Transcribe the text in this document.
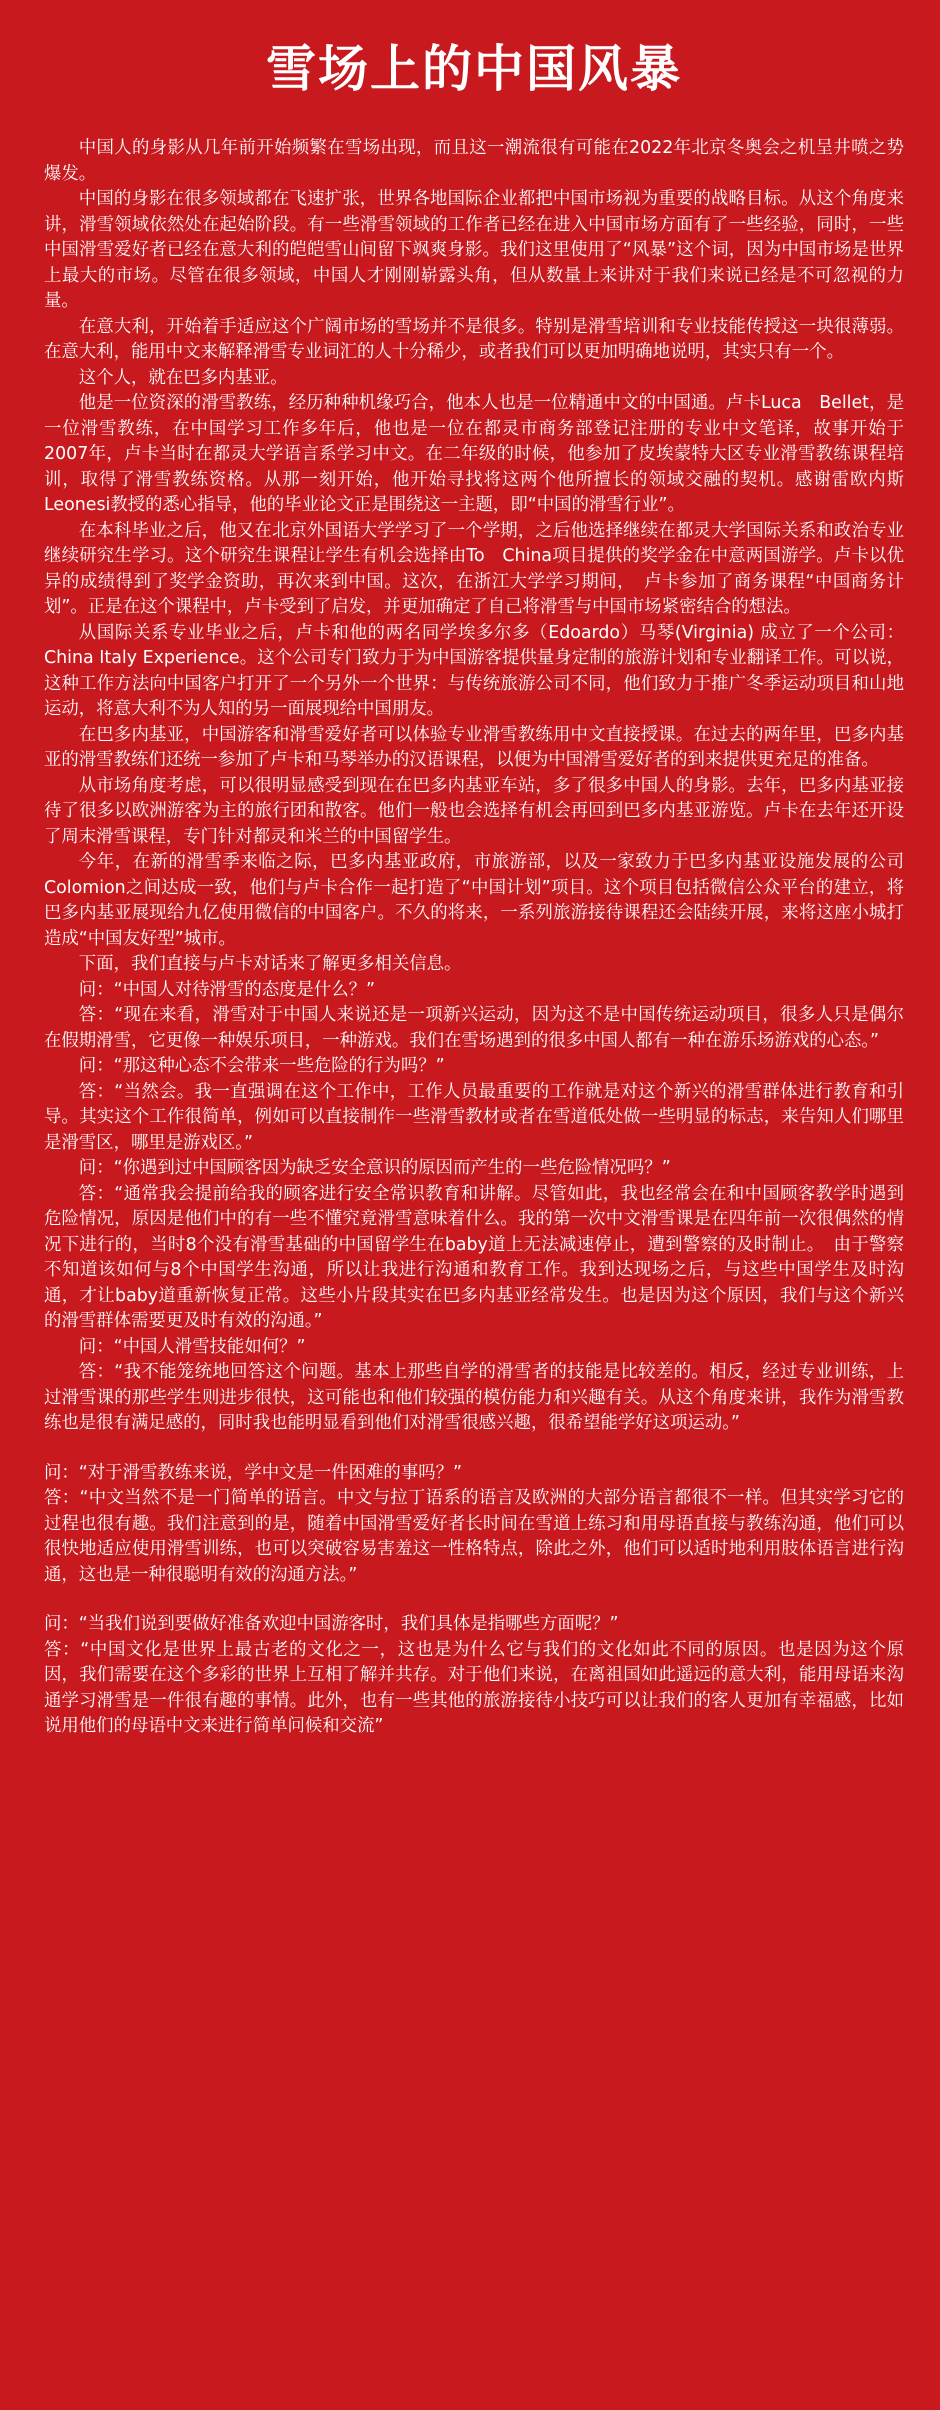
雪场上的中国风暴

中国人的身影从几年前开始频繁在雪场出现，而且这一潮流很有可能在2022年北京冬奥会之机呈井喷之势爆发。

中国的身影在很多领域都在飞速扩张，世界各地国际企业都把中国市场视为重要的战略目标。从这个角度来讲，滑雪领域依然处在起始阶段。有一些滑雪领域的工作者已经在进入中国市场方面有了一些经验，同时，一些中国滑雪爱好者已经在意大利的皑皑雪山间留下飒爽身影。我们这里使用了“风暴”这个词，因为中国市场是世界上最大的市场。尽管在很多领域，中国人才刚刚崭露头角，但从数量上来讲对于我们来说已经是不可忽视的力量。

在意大利，开始着手适应这个广阔市场的雪场并不是很多。特别是滑雪培训和专业技能传授这一块很薄弱。在意大利，能用中文来解释滑雪专业词汇的人十分稀少，或者我们可以更加明确地说明，其实只有一个。

这个人，就在巴多内基亚。

他是一位资深的滑雪教练，经历种种机缘巧合，他本人也是一位精通中文的中国通。卢卡Luca　Bellet，是一位滑雪教练，在中国学习工作多年后，他也是一位在都灵市商务部登记注册的专业中文笔译，故事开始于2007年，卢卡当时在都灵大学语言系学习中文。在二年级的时候，他参加了皮埃蒙特大区专业滑雪教练课程培训，取得了滑雪教练资格。从那一刻开始，他开始寻找将这两个他所擅长的领域交融的契机。感谢雷欧内斯Leonesi教授的悉心指导，他的毕业论文正是围绕这一主题，即“中国的滑雪行业”。

在本科毕业之后，他又在北京外国语大学学习了一个学期，之后他选择继续在都灵大学国际关系和政治专业继续研究生学习。这个研究生课程让学生有机会选择由To　China项目提供的奖学金在中意两国游学。卢卡以优异的成绩得到了奖学金资助，再次来到中国。这次，在浙江大学学习期间，　卢卡参加了商务课程“中国商务计划”。正是在这个课程中，卢卡受到了启发，并更加确定了自己将滑雪与中国市场紧密结合的想法。

从国际关系专业毕业之后，卢卡和他的两名同学埃多尔多（Edoardo）马琴(Virginia) 成立了一个公司：China Italy Experience。这个公司专门致力于为中国游客提供量身定制的旅游计划和专业翻译工作。可以说，这种工作方法向中国客户打开了一个另外一个世界：与传统旅游公司不同，他们致力于推广冬季运动项目和山地运动，将意大利不为人知的另一面展现给中国朋友。

在巴多内基亚，中国游客和滑雪爱好者可以体验专业滑雪教练用中文直接授课。在过去的两年里，巴多内基亚的滑雪教练们还统一参加了卢卡和马琴举办的汉语课程，以便为中国滑雪爱好者的到来提供更充足的准备。

从市场角度考虑，可以很明显感受到现在在巴多内基亚车站，多了很多中国人的身影。去年，巴多内基亚接待了很多以欧洲游客为主的旅行团和散客。他们一般也会选择有机会再回到巴多内基亚游览。卢卡在去年还开设了周末滑雪课程，专门针对都灵和米兰的中国留学生。

今年，在新的滑雪季来临之际，巴多内基亚政府，市旅游部，以及一家致力于巴多内基亚设施发展的公司Colomion之间达成一致，他们与卢卡合作一起打造了“中国计划”项目。这个项目包括微信公众平台的建立，将巴多内基亚展现给九亿使用微信的中国客户。不久的将来，一系列旅游接待课程还会陆续开展，来将这座小城打造成“中国友好型”城市。

下面，我们直接与卢卡对话来了解更多相关信息。

问：“中国人对待滑雪的态度是什么？”

答：“现在来看，滑雪对于中国人来说还是一项新兴运动，因为这不是中国传统运动项目，很多人只是偶尔在假期滑雪，它更像一种娱乐项目，一种游戏。我们在雪场遇到的很多中国人都有一种在游乐场游戏的心态。”

问：“那这种心态不会带来一些危险的行为吗？”

答：“当然会。我一直强调在这个工作中，工作人员最重要的工作就是对这个新兴的滑雪群体进行教育和引导。其实这个工作很简单，例如可以直接制作一些滑雪教材或者在雪道低处做一些明显的标志，来告知人们哪里是滑雪区，哪里是游戏区。”

问：“你遇到过中国顾客因为缺乏安全意识的原因而产生的一些危险情况吗？”

答：“通常我会提前给我的顾客进行安全常识教育和讲解。尽管如此，我也经常会在和中国顾客教学时遇到危险情况，原因是他们中的有一些不懂究竟滑雪意味着什么。我的第一次中文滑雪课是在四年前一次很偶然的情况下进行的，当时8个没有滑雪基础的中国留学生在baby道上无法减速停止，遭到警察的及时制止。　由于警察不知道该如何与8个中国学生沟通，所以让我进行沟通和教育工作。我到达现场之后，与这些中国学生及时沟通，才让baby道重新恢复正常。这些小片段其实在巴多内基亚经常发生。也是因为这个原因，我们与这个新兴的滑雪群体需要更及时有效的沟通。”

问：“中国人滑雪技能如何？”

答：“我不能笼统地回答这个问题。基本上那些自学的滑雪者的技能是比较差的。相反，经过专业训练，上过滑雪课的那些学生则进步很快，这可能也和他们较强的模仿能力和兴趣有关。从这个角度来讲，我作为滑雪教练也是很有满足感的，同时我也能明显看到他们对滑雪很感兴趣，很希望能学好这项运动。”

问：“对于滑雪教练来说，学中文是一件困难的事吗？”

答：“中文当然不是一门简单的语言。中文与拉丁语系的语言及欧洲的大部分语言都很不一样。但其实学习它的过程也很有趣。我们注意到的是，随着中国滑雪爱好者长时间在雪道上练习和用母语直接与教练沟通，他们可以很快地适应使用滑雪训练，也可以突破容易害羞这一性格特点，除此之外，他们可以适时地利用肢体语言进行沟通，这也是一种很聪明有效的沟通方法。”

问：“当我们说到要做好准备欢迎中国游客时，我们具体是指哪些方面呢？”

答：“中国文化是世界上最古老的文化之一，这也是为什么它与我们的文化如此不同的原因。也是因为这个原因，我们需要在这个多彩的世界上互相了解并共存。对于他们来说，在离祖国如此遥远的意大利，能用母语来沟通学习滑雪是一件很有趣的事情。此外，也有一些其他的旅游接待小技巧可以让我们的客人更加有幸福感，比如说用他们的母语中文来进行简单问候和交流”
